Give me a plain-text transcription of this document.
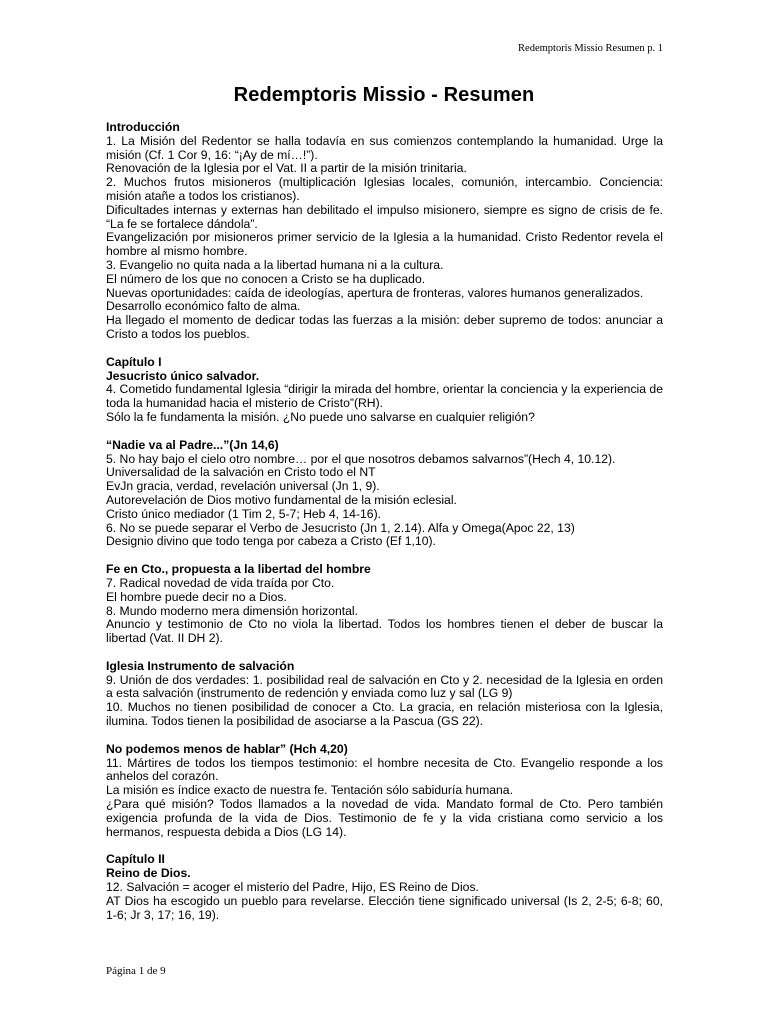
Redemptoris Missio Resumen p. 1
Redemptoris Missio - Resumen

Introducción

1. La Misión del Redentor se halla todavía en sus comienzos contemplando la humanidad. Urge la misión (Cf. 1 Cor 9, 16: “¡Ay de mí…!”).

Renovación de la Iglesia por el Vat. II a partir de la misión trinitaria.

2. Muchos frutos misioneros (multiplicación Iglesias locales, comunión, intercambio. Conciencia: misión atañe a todos los cristianos).

Dificultades internas y externas han debilitado el impulso misionero, siempre es signo de crisis de fe. “La fe se fortalece dándola”.

Evangelización por misioneros primer servicio de la Iglesia a la humanidad. Cristo Redentor revela el hombre al mismo hombre.

3. Evangelio no quita nada a la libertad humana ni a la cultura.

El número de los que no conocen a Cristo se ha duplicado.

Nuevas oportunidades: caída de ideologías, apertura de fronteras, valores humanos generalizados.

Desarrollo económico falto de alma.

Ha llegado el momento de dedicar todas las fuerzas a la misión: deber supremo de todos: anunciar a Cristo a todos los pueblos.

Capítulo I

Jesucristo único salvador.

4. Cometido fundamental Iglesia “dirigir la mirada del hombre, orientar la conciencia y la experiencia de toda la humanidad hacia el misterio de Cristo”(RH).

Sólo la fe fundamenta la misión. ¿No puede uno salvarse en cualquier religión?

“Nadie va al Padre...”(Jn 14,6)

5. No hay bajo el cielo otro nombre… por el que nosotros debamos salvarnos”(Hech 4, 10.12).

Universalidad de la salvación en Cristo todo el NT

EvJn gracia, verdad, revelación universal (Jn 1, 9).

Autorevelación de Dios motivo fundamental de la misión eclesial.

Cristo único mediador (1 Tim 2, 5-7; Heb 4, 14-16).

6. No se puede separar el Verbo de Jesucristo (Jn 1, 2.14). Alfa y Omega(Apoc 22, 13)

Designio divino que todo tenga por cabeza a Cristo (Ef 1,10).

Fe en Cto., propuesta a la libertad del hombre

7. Radical novedad de vida traída por Cto.

El hombre puede decir no a Dios.

8. Mundo moderno mera dimensión horizontal.

Anuncio y testimonio de Cto no viola la libertad. Todos los hombres tienen el deber de buscar la libertad (Vat. II DH 2).

Iglesia Instrumento de salvación

9. Unión de dos verdades: 1. posibilidad real de salvación en Cto y 2. necesidad de la Iglesia en orden a esta salvación (instrumento de redención y enviada como luz y sal (LG 9)

10. Muchos no tienen posibilidad de conocer a Cto. La gracia, en relación misteriosa con la Iglesia, ilumina. Todos tienen la posibilidad de asociarse a la Pascua (GS 22).

No podemos menos de hablar” (Hch 4,20)

11. Mártires de todos los tiempos testimonio: el hombre necesita de Cto. Evangelio responde a los anhelos del corazón.

La misión es índice exacto de nuestra fe. Tentación sólo sabiduría humana.

¿Para qué misión? Todos llamados a la novedad de vida. Mandato formal de Cto. Pero también exigencia profunda de la vida de Dios. Testimonio de fe y la vida cristiana como servicio a los hermanos, respuesta debida a Dios (LG 14).

Capítulo II

Reino de Dios.

12. Salvación = acoger el misterio del Padre, Hijo, ES Reino de Dios.

AT Dios ha escogido un pueblo para revelarse. Elección tiene significado universal (Is 2, 2-5; 6-8; 60, 1-6; Jr 3, 17; 16, 19).

Página 1 de 9
